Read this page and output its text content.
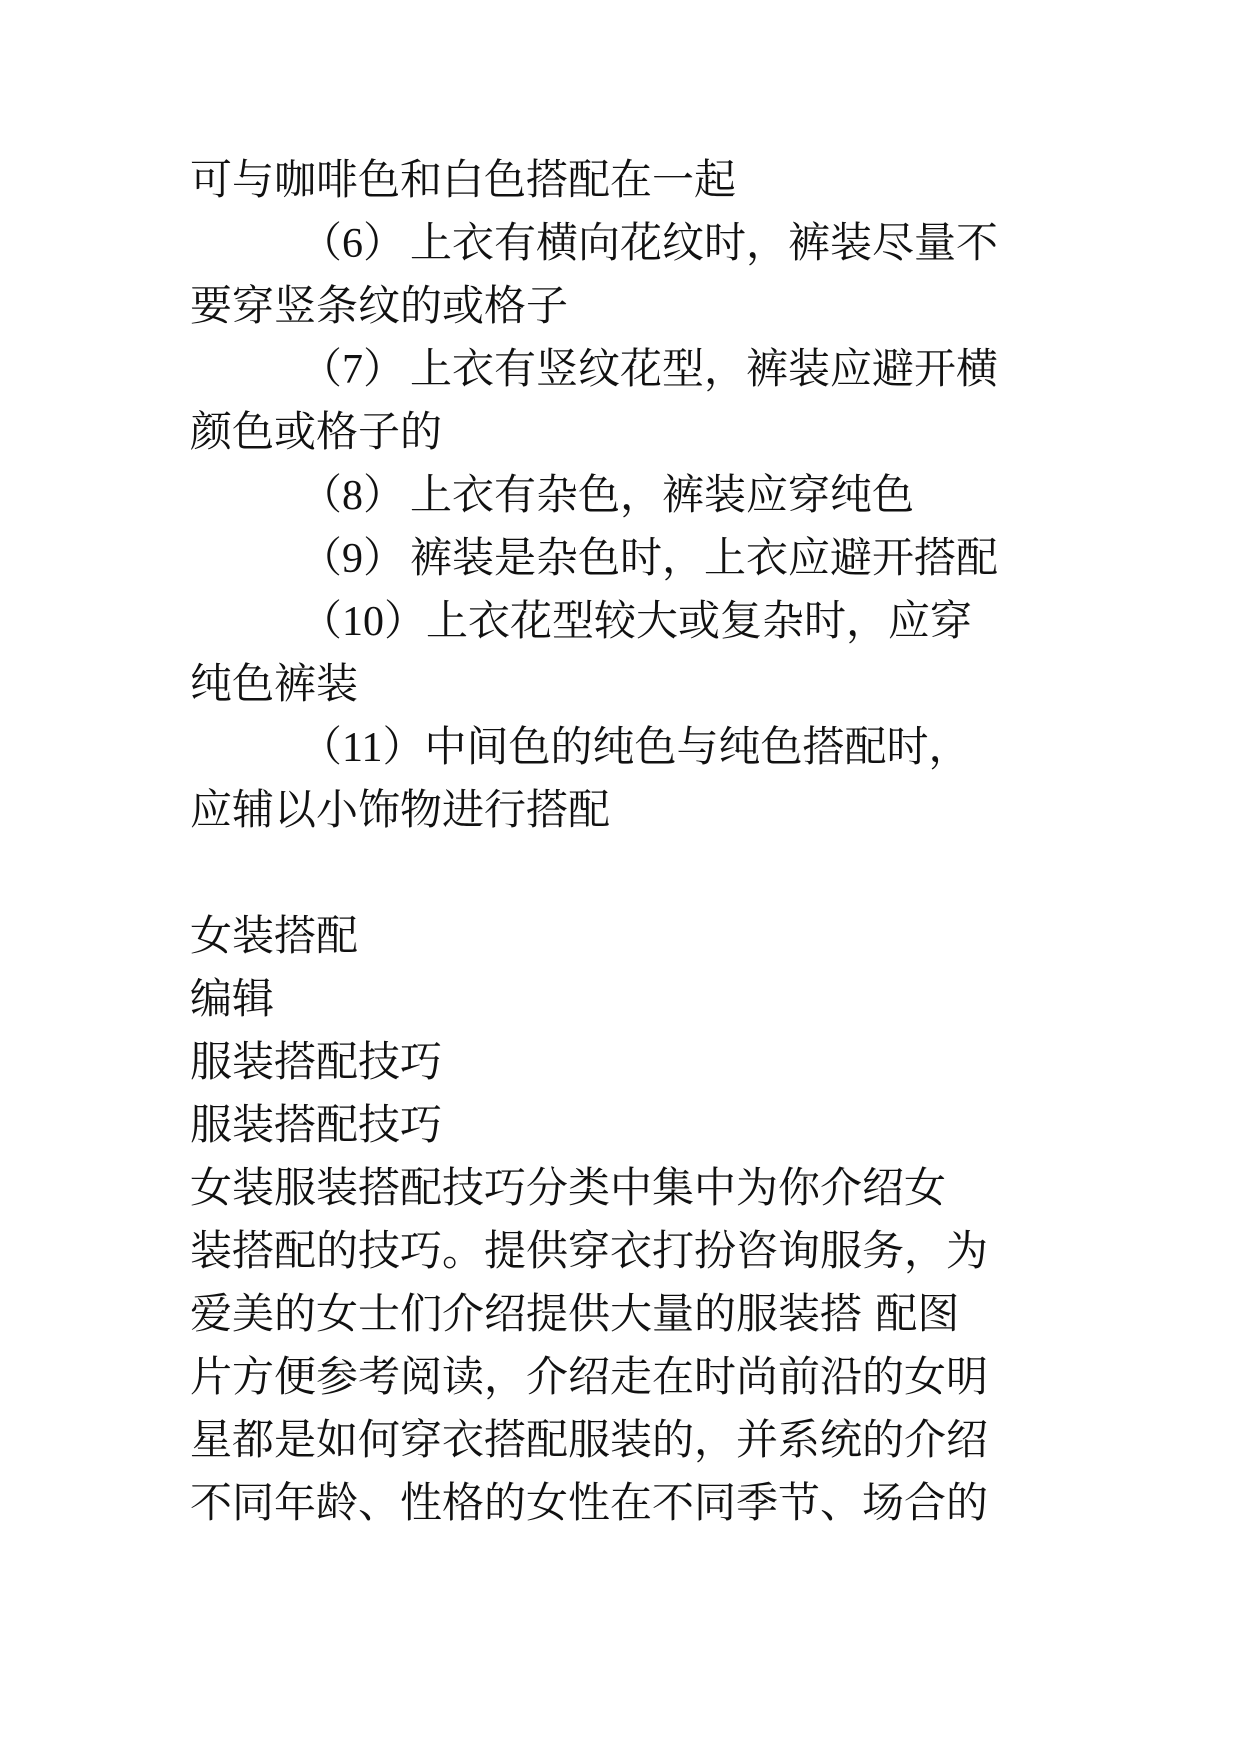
可与咖啡色和白色搭配在一起
（6） 上衣有横向花纹时，裤装尽量不
要穿竖条纹的或格子
（7） 上衣有竖纹花型，裤装应避开横
颜色或格子的
（8） 上衣有杂色，裤装应穿纯色
（9） 裤装是杂色时，上衣应避开搭配
（10）上衣花型较大或复杂时，应穿
纯色裤装
（11）中间色的纯色与纯色搭配时，
应辅以小饰物进行搭配
女装搭配
编辑
服装搭配技巧
服装搭配技巧
女装服装搭配技巧分类中集中为你介绍女
装搭配的技巧。提供穿衣打扮咨询服务，为
爱美的女士们介绍提供大量的服装搭 配图
片方便参考阅读，介绍走在时尚前沿的女明
星都是如何穿衣搭配服装的，并系统的介绍
不同年龄、性格的女性在不同季节、场合的
